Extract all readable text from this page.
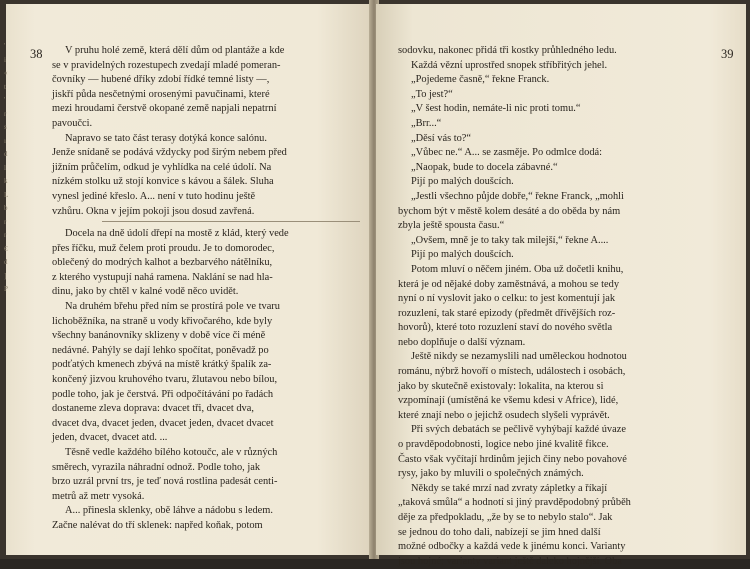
38	V pruhu holé země, která dělí dům od plantáže a kde
se v pravidelných rozestupech zvedají mladé pomeran-
čovníky — hubené dříky zdobí řídké temné listy —,
jiskří půda nesčetnými orosenými pavučinami, které
mezi hroudami čerstvě okopané země napjali nepatrní
pavoučci.
Napravo se tato část terasy dotýká konce salónu.
Jenže snídaně se podává vždycky pod širým nebem před
jižním průčelím, odkud je vyhlídka na celé údolí. Na
nízkém stolku už stojí konvice s kávou a šálek. Sluha
vynesl jediné křeslo. A... není v tuto hodinu ještě
vzhůru. Okna v jejím pokoji jsou dosud zavřená.
Docela na dně údolí dřepí na mostě z klád, který vede
přes říčku, muž čelem proti proudu. Je to domorodec,
oblečený do modrých kalhot a bezbarvého nátělníku,
z kterého vystupují nahá ramena. Naklání se nad hla-
dinu, jako by chtěl v kalné vodě něco uvidět.
Na druhém břehu před ním se prostírá pole ve tvaru
lichoběžníka, na straně u vody křivočarého, kde byly
všechny banánovníky sklizeny v době více či méně
nedávné. Pahýly se dají lehko spočítat, poněvadž po
podťatých kmenech zbývá na místě krátký špalík za-
končený jizvou kruhového tvaru, žlutavou nebo bílou,
podle toho, jak je čerstvá. Při odpočítávání po řadách
dostaneme zleva doprava: dvacet tři, dvacet dva,
dvacet dva, dvacet jeden, dvacet jeden, dvacet dvacet
jeden, dvacet, dvacet atd. ...
Těsně vedle každého bílého kotoučc, ale v různých
směrech, vyrazila náhradní odnož. Podle toho, jak
brzo uzrál první trs, je teď nová rostlina padesát centi-
metrů až metr vysoká.
A... přinesla sklenky, obě láhve a nádobu s ledem.
Začne nalévat do tří sklenek: napřed koňak, potom
39
sodovku, nakonec přidá tři kostky průhledného ledu.
Každá věznί uprostřed snopek stříbřitých jehel.
„Pojedeme časně,“ řekne Franck.
„To jest?“
„V šest hodin, nemáte-li nic proti tomu.“
„Brr...“
„Děsí vás to?“
„Vůbec ne.“ A... se zasměje. Po odmlce dodá:
„Naopak, bude to docela zábavné.“
Pijí po malých doušcích.
„Jestli všechno půjde dobře,“ řekne Franck, „mohli
bychom být v městě kolem desáté a do oběda by nám
zbyla ještě spousta času.“
„Ovšem, mně je to taky tak milejší,“ řekne A....
Pijí po malých doušcích.
Potom mluví o něčem jiném. Oba už dočetli knihu,
která je od nějaké doby zaměstnává, a mohou se tedy
nyní o ní vyslovit jako o celku: to jest komentují jak
rozuzlení, tak staré epizody (předmět dřívějších roz-
hovorů), které toto rozuzlení staví do nového světla
nebo doplňuje o další význam.
Ještě nikdy se nezamyslili nad uměleckou hodnotou
románu, nýbrž hovoří o místech, událostech i osobách,
jako by skutečně existovaly: lokalita, na kterou si
vzpomínají (umístěná ke všemu kdesi v Africe), lidé,
které znají nebo o jejichž osudech slyšeli vyprávět.
Při svých debatách se pečlivě vyhýbají každé úvaze
o pravděpodobnosti, logice nebo jiné kvalitě fikce.
Často však vyčítají hrdinům jejich činy nebo povahové
rysy, jako by mluvili o společných známých.
Někdy se také mrzí nad zvraty zápletky a říkají
„taková smůla“ a hodnotí si jiný pravděpodobný průběh
děje za předpokladu, „že by se to nebylo stalo“. Jak
se jednou do toho dali, nabízejí se jim hned další
možné odbočky a každá vede k jinému konci. Varianty
jsou hojné; varianty variant ještě daleko hojnější. Oba
'
i
«
t
'
r
s
ı
d
l
k
L
b
r
r
€
d
]
P
